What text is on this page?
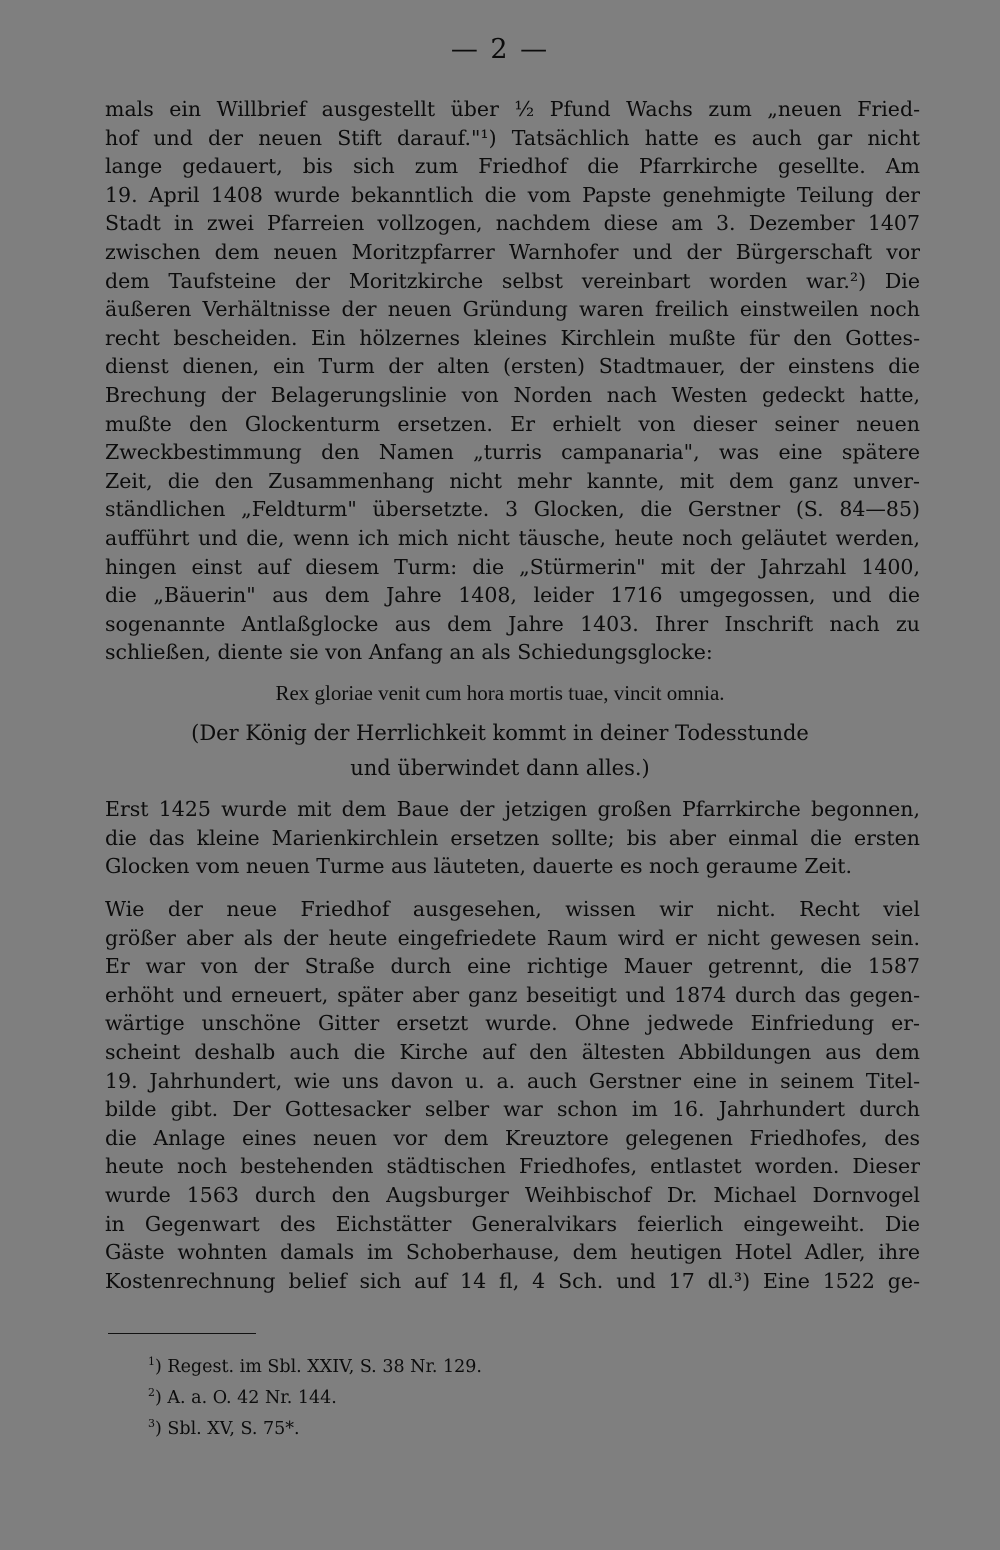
— 2 —
mals ein Willbrief ausgestellt über ½ Pfund Wachs zum „neuen Fried-
hof und der neuen Stift darauf."¹) Tatsächlich hatte es auch gar nicht
lange gedauert, bis sich zum Friedhof die Pfarrkirche gesellte. Am
19. April 1408 wurde bekanntlich die vom Papste genehmigte Teilung der
Stadt in zwei Pfarreien vollzogen, nachdem diese am 3. Dezember 1407
zwischen dem neuen Moritzpfarrer Warnhofer und der Bürgerschaft vor
dem Taufsteine der Moritzkirche selbst vereinbart worden war.²) Die
äußeren Verhältnisse der neuen Gründung waren freilich einstweilen noch
recht bescheiden. Ein hölzernes kleines Kirchlein mußte für den Gottes-
dienst dienen, ein Turm der alten (ersten) Stadtmauer, der einstens die
Brechung der Belagerungslinie von Norden nach Westen gedeckt hatte,
mußte den Glockenturm ersetzen. Er erhielt von dieser seiner neuen
Zweckbestimmung den Namen „turris campanaria", was eine spätere
Zeit, die den Zusammenhang nicht mehr kannte, mit dem ganz unver-
ständlichen „Feldturm" übersetzte. 3 Glocken, die Gerstner (S. 84—85)
aufführt und die, wenn ich mich nicht täusche, heute noch geläutet werden,
hingen einst auf diesem Turm: die „Stürmerin" mit der Jahrzahl 1400,
die „Bäuerin" aus dem Jahre 1408, leider 1716 umgegossen, und die
sogenannte Antlaßglocke aus dem Jahre 1403. Ihrer Inschrift nach zu
schließen, diente sie von Anfang an als Schiedungsglocke:
Rex gloriae venit cum hora mortis tuae, vincit omnia.
(Der König der Herrlichkeit kommt in deiner Todesstunde
und überwindet dann alles.)
Erst 1425 wurde mit dem Baue der jetzigen großen Pfarrkirche begonnen,
die das kleine Marienkirchlein ersetzen sollte; bis aber einmal die ersten
Glocken vom neuen Turme aus läuteten, dauerte es noch geraume Zeit.
Wie der neue Friedhof ausgesehen, wissen wir nicht. Recht viel
größer aber als der heute eingefriedete Raum wird er nicht gewesen sein.
Er war von der Straße durch eine richtige Mauer getrennt, die 1587
erhöht und erneuert, später aber ganz beseitigt und 1874 durch das gegen-
wärtige unschöne Gitter ersetzt wurde. Ohne jedwede Einfriedung er-
scheint deshalb auch die Kirche auf den ältesten Abbildungen aus dem
19. Jahrhundert, wie uns davon u. a. auch Gerstner eine in seinem Titel-
bilde gibt. Der Gottesacker selber war schon im 16. Jahrhundert durch
die Anlage eines neuen vor dem Kreuztore gelegenen Friedhofes, des
heute noch bestehenden städtischen Friedhofes, entlastet worden. Dieser
wurde 1563 durch den Augsburger Weihbischof Dr. Michael Dornvogel
in Gegenwart des Eichstätter Generalvikars feierlich eingeweiht. Die
Gäste wohnten damals im Schoberhause, dem heutigen Hotel Adler, ihre
Kostenrechnung belief sich auf 14 fl, 4 Sch. und 17 dl.³) Eine 1522 ge-
$^1$) Regest. im Sbl. XXIV, S. 38 Nr. 129.
$^2$) A. a. O. 42 Nr. 144.
$^3$) Sbl. XV, S. 75*.
